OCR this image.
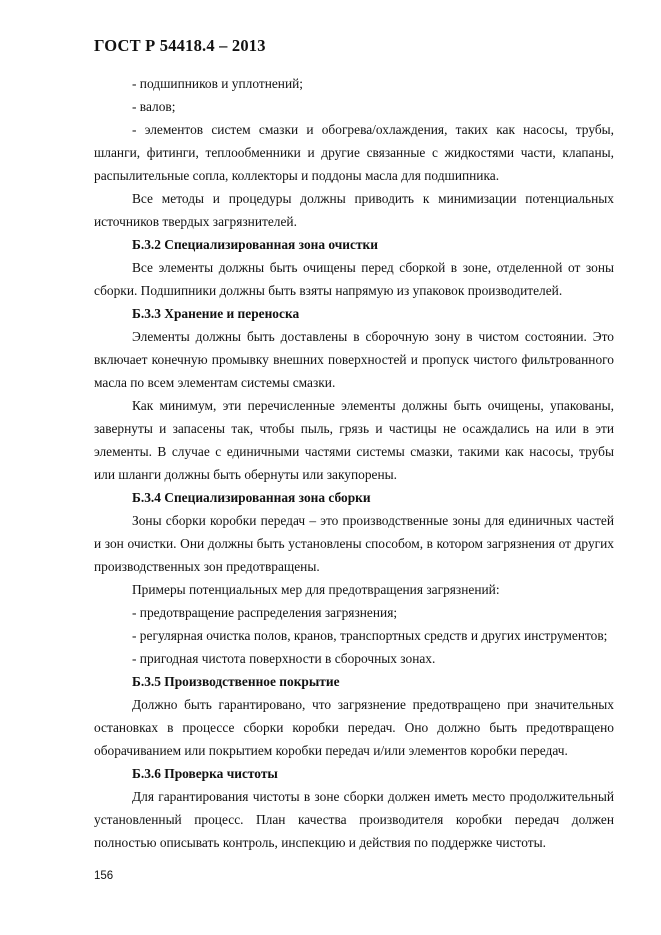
ГОСТ Р 54418.4 – 2013

- подшипников и уплотнений;

- валов;

- элементов систем смазки и обогрева/охлаждения, таких как насосы, трубы, шланги, фитинги, теплообменники и другие связанные с жидкостями части, клапаны, распылительные сопла, коллекторы и поддоны масла для подшипника.

Все методы и процедуры должны приводить к минимизации потенциальных источников твердых загрязнителей.

Б.3.2 Специализированная зона очистки

Все элементы должны быть очищены перед сборкой в зоне, отделенной от зоны сборки. Подшипники должны быть взяты напрямую из упаковок производителей.

Б.3.3 Хранение и переноска

Элементы должны быть доставлены в сборочную зону в чистом состоянии. Это включает конечную промывку внешних поверхностей и пропуск чистого фильтрованного масла по всем элементам системы смазки.

Как минимум, эти перечисленные элементы должны быть очищены, упакованы, завернуты и запасены так, чтобы пыль, грязь и частицы не осаждались на или в эти элементы. В случае с единичными частями системы смазки, такими как насосы, трубы или шланги должны быть обернуты или закупорены.

Б.3.4 Специализированная зона сборки

Зоны сборки коробки передач – это производственные зоны для единичных частей и зон очистки. Они должны быть установлены способом, в котором загрязнения от других производственных зон предотвращены.

Примеры потенциальных мер для предотвращения загрязнений:

- предотвращение распределения загрязнения;

- регулярная очистка полов, кранов, транспортных средств и других инструментов;

- пригодная чистота поверхности в сборочных зонах.

Б.3.5 Производственное покрытие

Должно быть гарантировано, что загрязнение предотвращено при значительных остановках в процессе сборки коробки передач. Оно должно быть предотвращено оборачиванием или покрытием коробки передач и/или элементов коробки передач.

Б.3.6 Проверка чистоты

Для гарантирования чистоты в зоне сборки должен иметь место продолжительный установленный процесс. План качества производителя коробки передач должен полностью описывать контроль, инспекцию и действия по поддержке чистоты.

156
